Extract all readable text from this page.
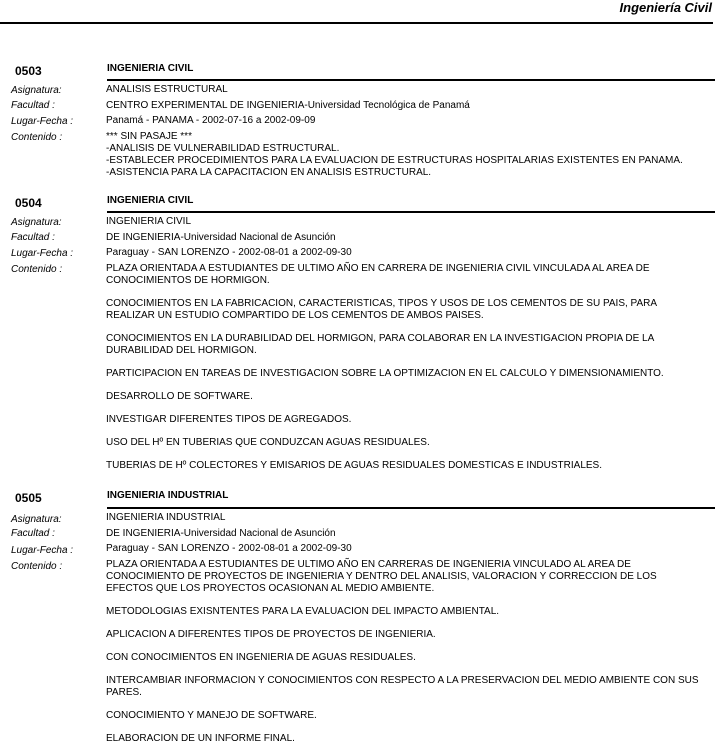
Ingeniería Civil
0503	INGENIERIA CIVIL
Asignatura:	ANALISIS ESTRUCTURAL
Facultad :	CENTRO EXPERIMENTAL DE INGENIERIA-Universidad Tecnológica de Panamá
Lugar-Fecha :	Panamá - PANAMA - 2002-07-16 a 2002-09-09
Contenido :	*** SIN PASAJE ***

-ANALISIS DE VULNERABILIDAD ESTRUCTURAL.

-ESTABLECER PROCEDIMIENTOS PARA LA EVALUACION DE ESTRUCTURAS HOSPITALARIAS EXISTENTES EN PANAMA.

-ASISTENCIA PARA LA CAPACITACION EN ANALISIS ESTRUCTURAL.

0504	INGENIERIA CIVIL
Asignatura:	INGENIERIA CIVIL
Facultad :	DE INGENIERIA-Universidad Nacional de Asunción
Lugar-Fecha :	Paraguay - SAN LORENZO - 2002-08-01 a 2002-09-30
Contenido :	PLAZA ORIENTADA A ESTUDIANTES DE ULTIMO AÑO EN CARRERA DE INGENIERIA CIVIL VINCULADA AL AREA DE CONOCIMIENTOS DE HORMIGON.

CONOCIMIENTOS EN LA FABRICACION, CARACTERISTICAS, TIPOS Y USOS DE LOS CEMENTOS DE SU PAIS, PARA REALIZAR UN ESTUDIO COMPARTIDO DE LOS CEMENTOS DE AMBOS PAISES.

CONOCIMIENTOS EN LA DURABILIDAD DEL HORMIGON, PARA COLABORAR EN LA INVESTIGACION PROPIA DE LA DURABILIDAD DEL HORMIGON.

PARTICIPACION EN TAREAS DE INVESTIGACION SOBRE LA OPTIMIZACION EN EL CALCULO Y DIMENSIONAMIENTO.

DESARROLLO DE SOFTWARE.

INVESTIGAR DIFERENTES TIPOS DE AGREGADOS.

USO DEL Hº EN TUBERIAS QUE CONDUZCAN AGUAS RESIDUALES.

TUBERIAS DE Hº COLECTORES Y EMISARIOS DE AGUAS RESIDUALES DOMESTICAS E INDUSTRIALES.

0505	INGENIERIA INDUSTRIAL
Asignatura:	INGENIERIA INDUSTRIAL
Facultad :	DE INGENIERIA-Universidad Nacional de Asunción
Lugar-Fecha :	Paraguay - SAN LORENZO - 2002-08-01 a 2002-09-30
Contenido :	PLAZA ORIENTADA A ESTUDIANTES DE ULTIMO AÑO EN CARRERAS DE INGENIERIA VINCULADO AL AREA DE CONOCIMIENTO DE PROYECTOS DE INGENIERIA Y DENTRO DEL ANALISIS, VALORACION Y CORRECCION DE LOS EFECTOS QUE LOS PROYECTOS OCASIONAN AL MEDIO AMBIENTE.

METODOLOGIAS EXISNTENTES PARA LA EVALUACION DEL IMPACTO AMBIENTAL.

APLICACION A DIFERENTES TIPOS DE PROYECTOS DE INGENIERIA.

CON CONOCIMIENTOS EN INGENIERIA DE AGUAS RESIDUALES.

INTERCAMBIAR INFORMACION Y CONOCIMIENTOS CON RESPECTO A LA PRESERVACION DEL MEDIO AMBIENTE CON SUS PARES.

CONOCIMIENTO Y MANEJO DE SOFTWARE.

ELABORACION DE UN INFORME FINAL.
